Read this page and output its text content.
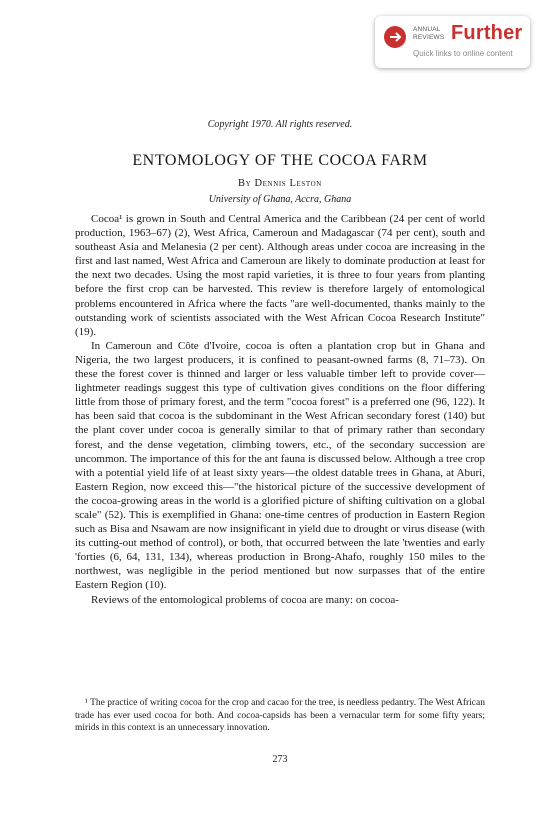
ANNUAL
REVIEWS Further
Quick links to online content
Copyright 1970. All rights reserved.
ENTOMOLOGY OF THE COCOA FARM
By Dennis Leston
University of Ghana, Accra, Ghana

Cocoa¹ is grown in South and Central America and the Caribbean (24 per cent of world production, 1963–67) (2), West Africa, Cameroun and Madagascar (74 per cent), south and southeast Asia and Melanesia (2 per cent). Although areas under cocoa are increasing in the first and last named, West Africa and Cameroun are likely to dominate production at least for the next two decades. Using the most rapid varieties, it is three to four years from planting before the first crop can be harvested. This review is therefore largely of entomological problems encountered in Africa where the facts "are well-documented, thanks mainly to the outstanding work of scientists associated with the West African Cocoa Research Institute" (19).

In Cameroun and Côte d'Ivoire, cocoa is often a plantation crop but in Ghana and Nigeria, the two largest producers, it is confined to peasant-owned farms (8, 71–73). On these the forest cover is thinned and larger or less valuable timber left to provide cover—lightmeter readings suggest this type of cultivation gives conditions on the floor differing little from those of primary forest, and the term "cocoa forest" is a preferred one (96, 122). It has been said that cocoa is the subdominant in the West African secondary forest (140) but the plant cover under cocoa is generally similar to that of primary rather than secondary forest, and the dense vegetation, climbing towers, etc., of the secondary succession are uncommon. The importance of this for the ant fauna is discussed below. Although a tree crop with a potential yield life of at least sixty years—the oldest datable trees in Ghana, at Aburi, Eastern Region, now exceed this—"the historical picture of the successive development of the cocoa-growing areas in the world is a glorified picture of shifting cultivation on a global scale" (52). This is exemplified in Ghana: one-time centres of production in Eastern Region such as Bisa and Nsawam are now insignificant in yield due to drought or virus disease (with its cutting-out method of control), or both, that occurred between the late 'twenties and early 'forties (6, 64, 131, 134), whereas production in Brong-Ahafo, roughly 150 miles to the northwest, was negligible in the period mentioned but now surpasses that of the entire Eastern Region (10).

Reviews of the entomological problems of cocoa are many: on cocoa-

¹ The practice of writing cocoa for the crop and cacao for the tree, is needless pedantry. The West African trade has ever used cocoa for both. And cocoa-capsids has been a vernacular term for some fifty years; mirids in this context is an unnecessary innovation.

273
